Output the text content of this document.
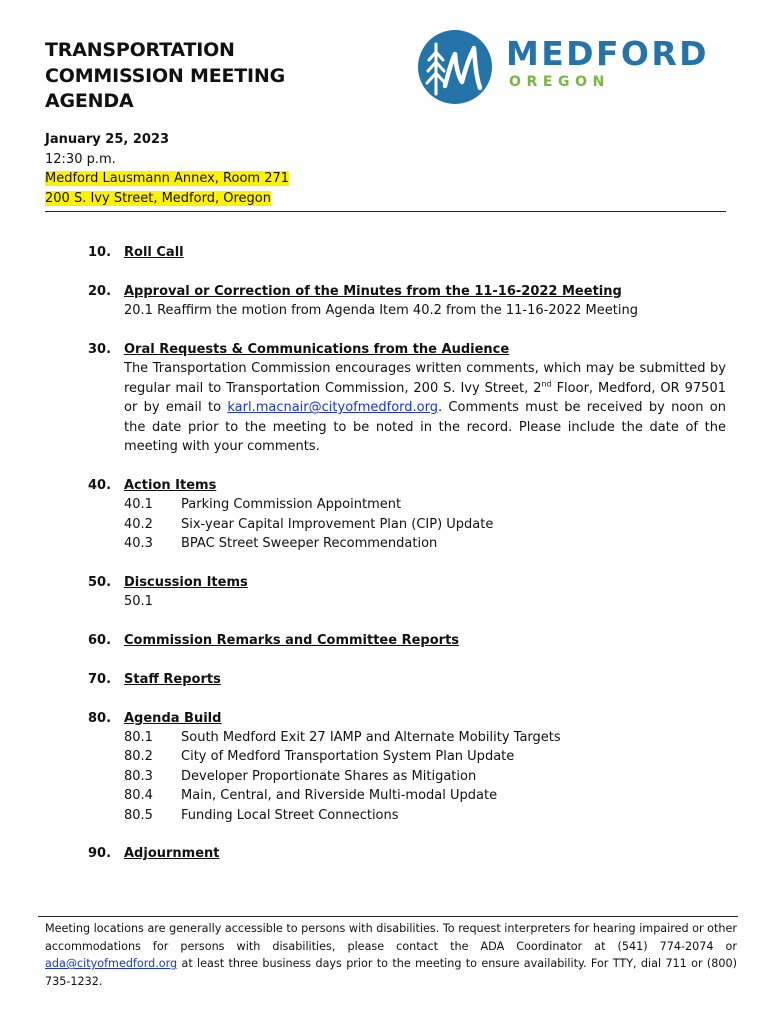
TRANSPORTATION
COMMISSION MEETING
AGENDA
MEDFORD
OREGON
January 25, 2023
12:30 p.m.
Medford Lausmann Annex, Room 271
200 S. Ivy Street, Medford, Oregon
10. Roll Call
20. Approval or Correction of the Minutes from the 11-16-2022 Meeting
20.1 Reaffirm the motion from Agenda Item 40.2 from the 11-16-2022 Meeting
30. Oral Requests & Communications from the Audience
The Transportation Commission encourages written comments, which may be submitted by regular mail to Transportation Commission, 200 S. Ivy Street, 2nd Floor, Medford, OR 97501 or by email to karl.macnair@cityofmedford.org. Comments must be received by noon on the date prior to the meeting to be noted in the record. Please include the date of the meeting with your comments.
40. Action Items
40.1 Parking Commission Appointment
40.2 Six-year Capital Improvement Plan (CIP) Update
40.3 BPAC Street Sweeper Recommendation
50. Discussion Items
50.1
60. Commission Remarks and Committee Reports
70. Staff Reports
80. Agenda Build
80.1 South Medford Exit 27 IAMP and Alternate Mobility Targets
80.2 City of Medford Transportation System Plan Update
80.3 Developer Proportionate Shares as Mitigation
80.4 Main, Central, and Riverside Multi-modal Update
80.5 Funding Local Street Connections
90. Adjournment
Meeting locations are generally accessible to persons with disabilities. To request interpreters for hearing impaired or other accommodations for persons with disabilities, please contact the ADA Coordinator at (541) 774-2074 or ada@cityofmedford.org at least three business days prior to the meeting to ensure availability. For TTY, dial 711 or (800) 735-1232.
